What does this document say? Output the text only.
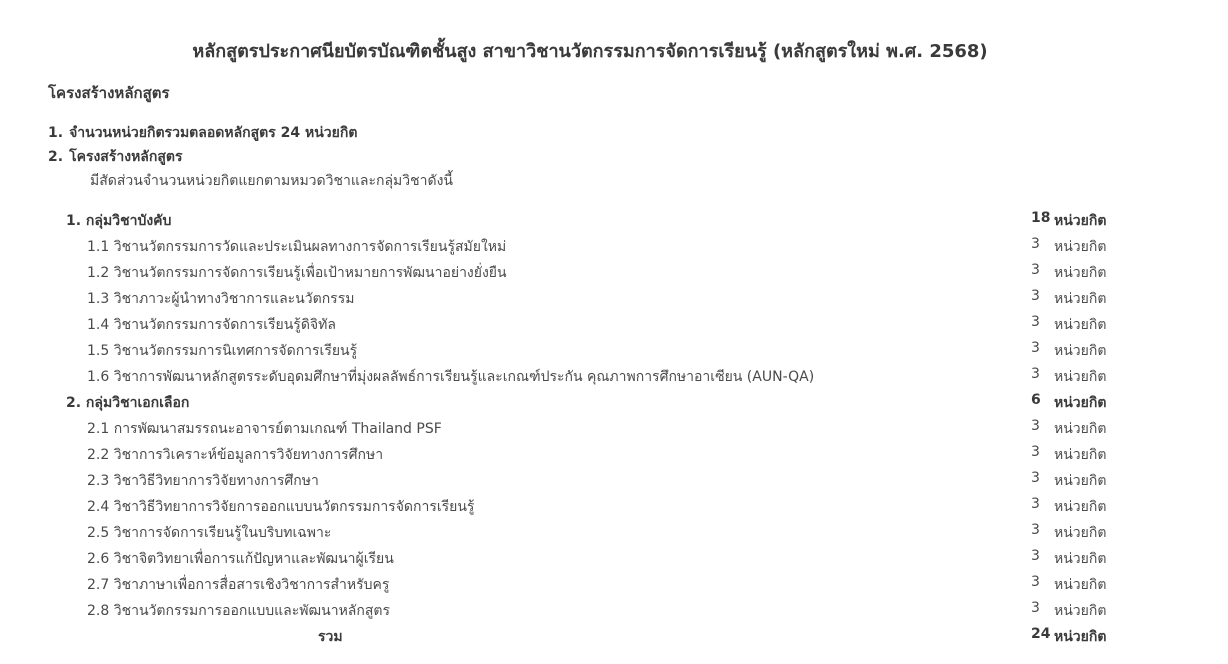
หลักสูตรประกาศนียบัตรบัณฑิตชั้นสูง สาขาวิชานวัตกรรมการจัดการเรียนรู้ (หลักสูตรใหม่ พ.ศ. 2568)
โครงสร้างหลักสูตร
1. จำนวนหน่วยกิตรวมตลอดหลักสูตร 24 หน่วยกิต
2. โครงสร้างหลักสูตร
มีสัดส่วนจำนวนหน่วยกิตแยกตามหมวดวิชาและกลุ่มวิชาดังนี้
1. กลุ่มวิชาบังคับ	18 หน่วยกิต
1.1 วิชานวัตกรรมการวัดและประเมินผลทางการจัดการเรียนรู้สมัยใหม่	3 หน่วยกิต
1.2 วิชานวัตกรรมการจัดการเรียนรู้เพื่อเป้าหมายการพัฒนาอย่างยั่งยืน	3 หน่วยกิต
1.3 วิชาภาวะผู้นำทางวิชาการและนวัตกรรม	3 หน่วยกิต
1.4 วิชานวัตกรรมการจัดการเรียนรู้ดิจิทัล	3 หน่วยกิต
1.5 วิชานวัตกรรมการนิเทศการจัดการเรียนรู้	3 หน่วยกิต
1.6 วิชาการพัฒนาหลักสูตรระดับอุดมศึกษาที่มุ่งผลลัพธ์การเรียนรู้และเกณฑ์ประกัน คุณภาพการศึกษาอาเซียน (AUN-QA)	3 หน่วยกิต
2. กลุ่มวิชาเอกเลือก	6 หน่วยกิต
2.1 การพัฒนาสมรรถนะอาจารย์ตามเกณฑ์ Thailand PSF	3 หน่วยกิต
2.2 วิชาการวิเคราะห์ข้อมูลการวิจัยทางการศึกษา	3 หน่วยกิต
2.3 วิชาวิธีวิทยาการวิจัยทางการศึกษา	3 หน่วยกิต
2.4 วิชาวิธีวิทยาการวิจัยการออกแบบนวัตกรรมการจัดการเรียนรู้	3 หน่วยกิต
2.5 วิชาการจัดการเรียนรู้ในบริบทเฉพาะ	3 หน่วยกิต
2.6 วิชาจิตวิทยาเพื่อการแก้ปัญหาและพัฒนาผู้เรียน	3 หน่วยกิต
2.7 วิชาภาษาเพื่อการสื่อสารเชิงวิชาการสำหรับครู	3 หน่วยกิต
2.8 วิชานวัตกรรมการออกแบบและพัฒนาหลักสูตร	3 หน่วยกิต
รวม	24 หน่วยกิต
